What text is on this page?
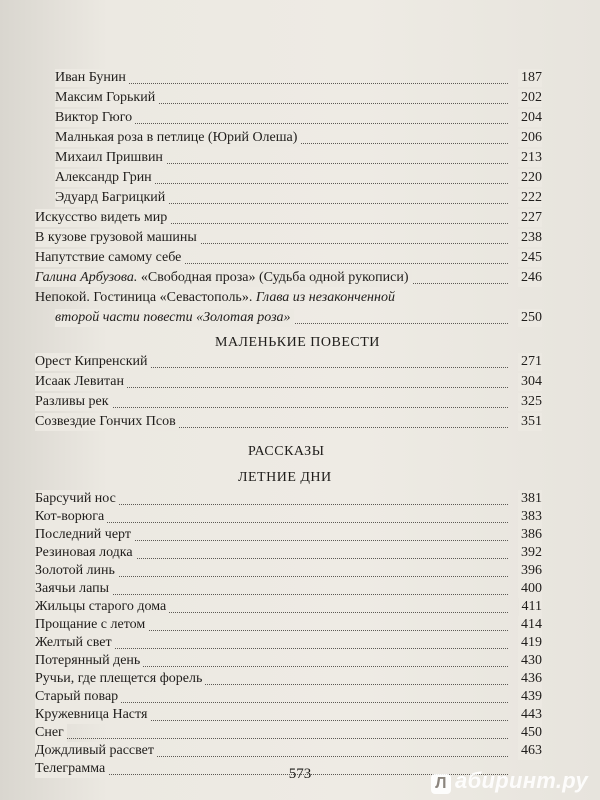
Иван Бунин	187
Максим Горький	202
Виктор Гюго	204
Малнькая роза в петлице (Юрий Олеша)	206
Михаил Пришвин	213
Александр Грин	220
Эдуард Багрицкий	222
Искусство видеть мир	227
В кузове грузовой машины	238
Напутствие самому себе	245
Галина Арбузова. «Свободная проза» (Судьба одной рукописи)	246
Непокой. Гостиница «Севастополь». Глава из незаконченной
второй части повести «Золотая роза»	250
МАЛЕНЬКИЕ ПОВЕСТИ
Орест Кипренский	271
Исаак Левитан	304
Разливы рек	325
Созвездие Гончих Псов	351
РАССКАЗЫ
ЛЕТНИЕ ДНИ
Барсучий нос	381
Кот-ворюга	383
Последний черт	386
Резиновая лодка	392
Золотой линь	396
Заячьи лапы	400
Жильцы старого дома	411
Прощание с летом	414
Желтый свет	419
Потерянный день	430
Ручьи, где плещется форель	436
Старый повар	439
Кружевница Настя	443
Снег	450
Дождливый рассвет	463
Телеграмма	573
Л абиринт.ру
